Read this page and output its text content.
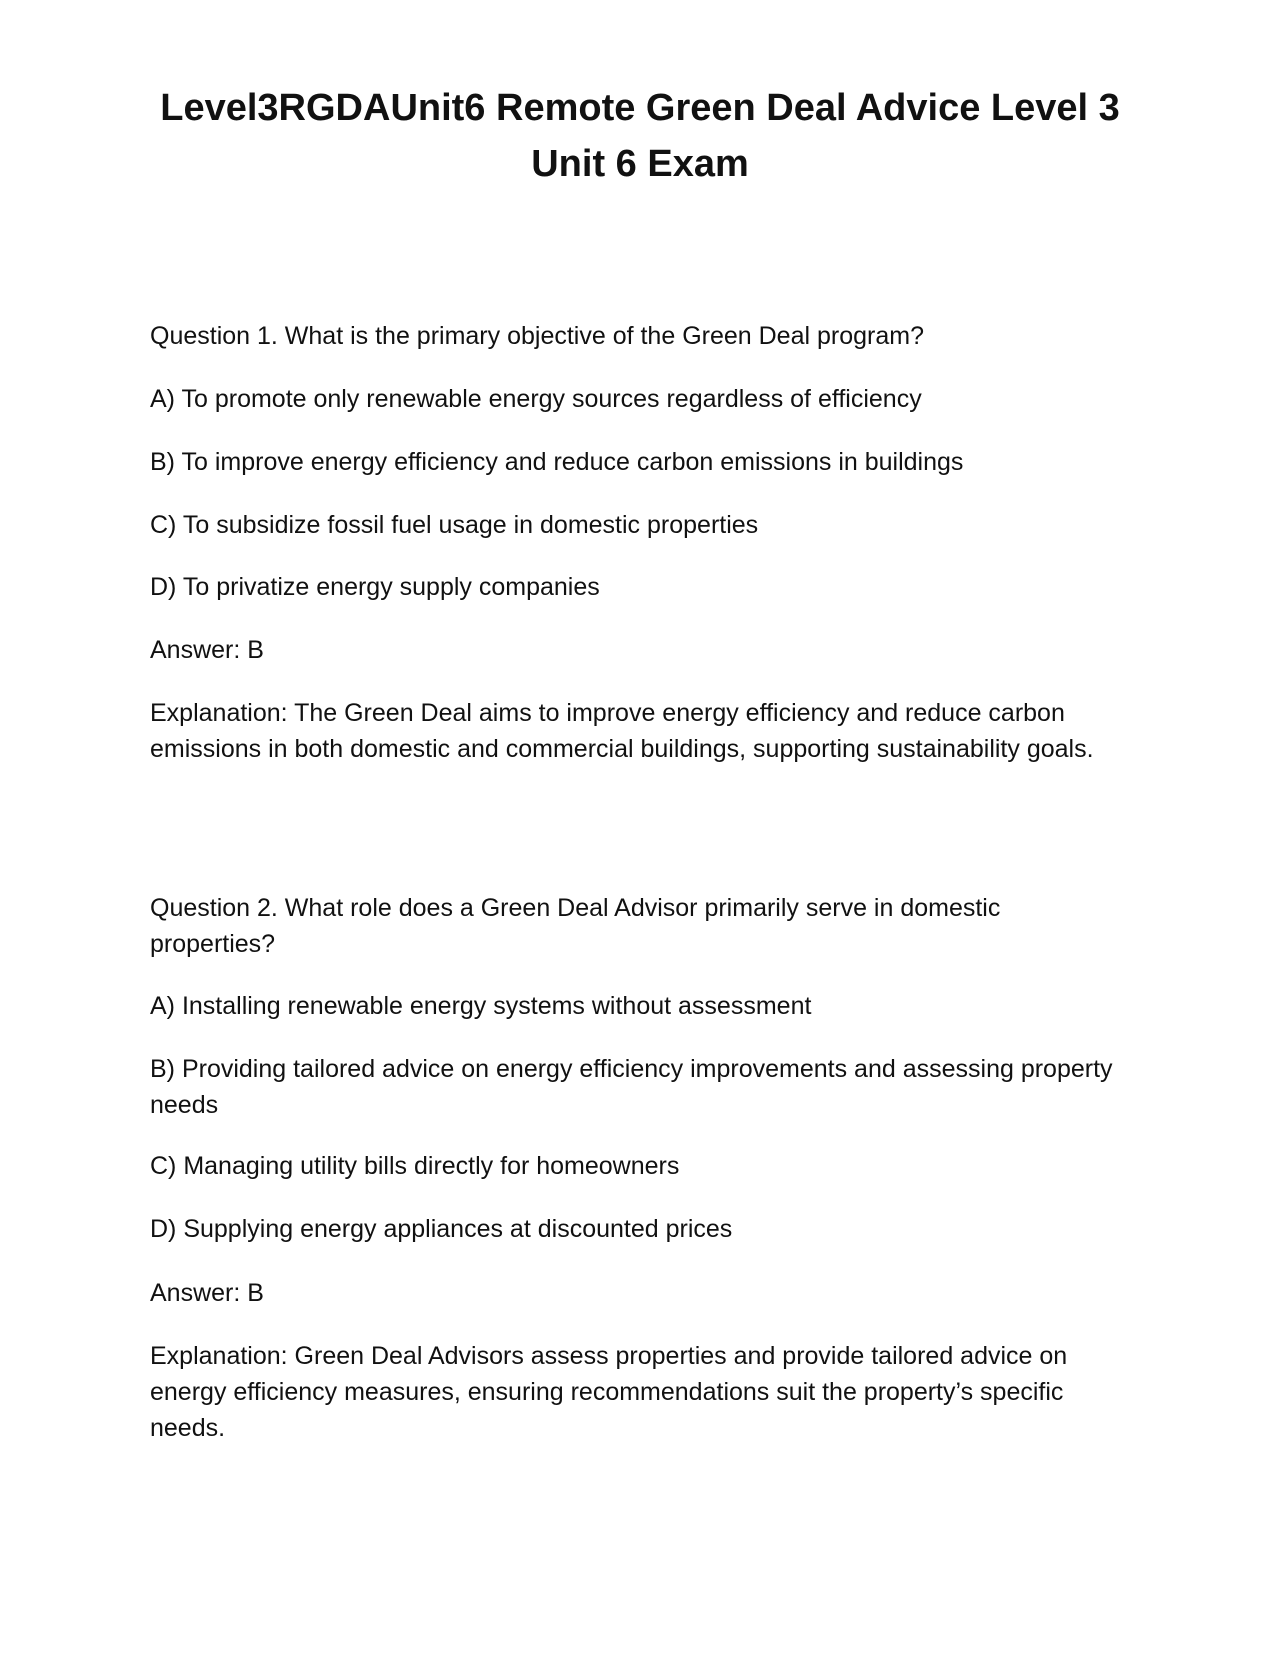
Level3RGDAUnit6 Remote Green Deal Advice Level 3 Unit 6 Exam

Question 1. What is the primary objective of the Green Deal program?

A) To promote only renewable energy sources regardless of efficiency

B) To improve energy efficiency and reduce carbon emissions in buildings

C) To subsidize fossil fuel usage in domestic properties

D) To privatize energy supply companies

Answer: B

Explanation: The Green Deal aims to improve energy efficiency and reduce carbon emissions in both domestic and commercial buildings, supporting sustainability goals.

Question 2. What role does a Green Deal Advisor primarily serve in domestic properties?

A) Installing renewable energy systems without assessment

B) Providing tailored advice on energy efficiency improvements and assessing property needs

C) Managing utility bills directly for homeowners

D) Supplying energy appliances at discounted prices

Answer: B

Explanation: Green Deal Advisors assess properties and provide tailored advice on energy efficiency measures, ensuring recommendations suit the property’s specific needs.
